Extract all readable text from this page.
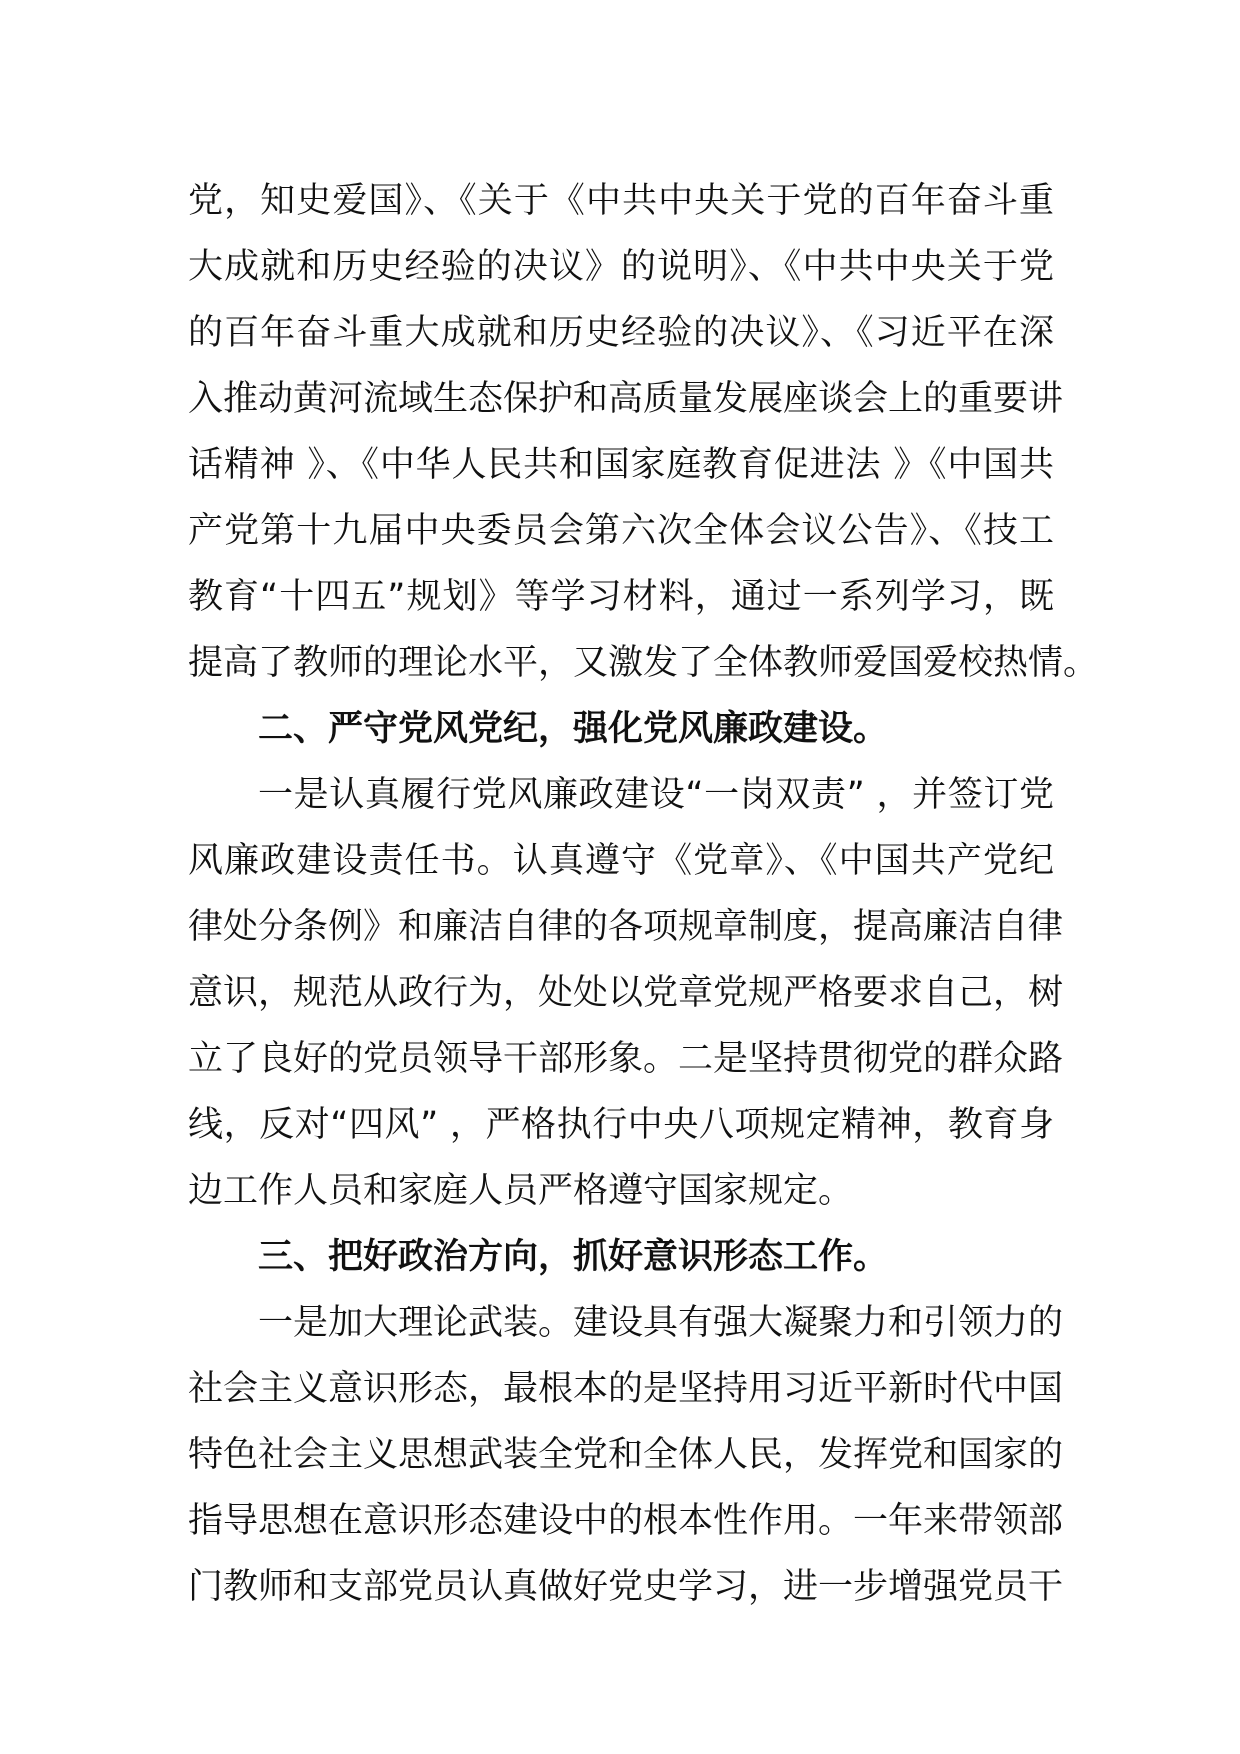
党，知史爱国》、《关于《中共中央关于党的百年奋斗重
大成就和历史经验的决议》的说明》、《中共中央关于党
的百年奋斗重大成就和历史经验的决议》、《习近平在深
入推动黄河流域生态保护和高质量发展座谈会上的重要讲
话精神 》、《中华人民共和国家庭教育促进法 》《中国共
产党第十九届中央委员会第六次全体会议公告》、《技工
教育“十四五”规划》等学习材料，通过一系列学习，既
提高了教师的理论水平，又激发了全体教师爱国爱校热情。
二、严守党风党纪，强化党风廉政建设。
一是认真履行党风廉政建设“一岗双责” ，并签订党
风廉政建设责任书。认真遵守《党章》、《中国共产党纪
律处分条例》和廉洁自律的各项规章制度，提高廉洁自律
意识，规范从政行为，处处以党章党规严格要求自己，树
立了良好的党员领导干部形象。二是坚持贯彻党的群众路
线，反对“四风” ，严格执行中央八项规定精神，教育身
边工作人员和家庭人员严格遵守国家规定。
三、把好政治方向，抓好意识形态工作。
一是加大理论武装。建设具有强大凝聚力和引领力的
社会主义意识形态，最根本的是坚持用习近平新时代中国
特色社会主义思想武装全党和全体人民，发挥党和国家的
指导思想在意识形态建设中的根本性作用。一年来带领部
门教师和支部党员认真做好党史学习，进一步增强党员干
